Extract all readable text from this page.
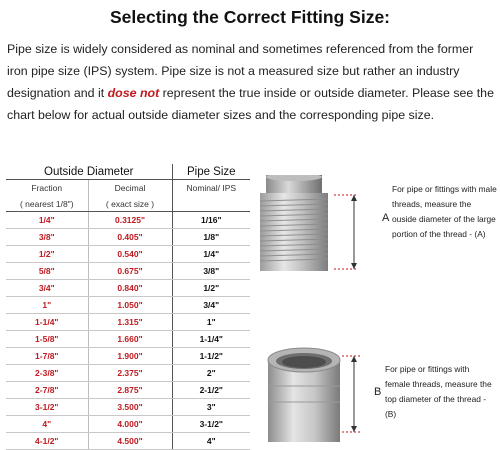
Selecting the Correct Fitting Size:
Pipe size is widely considered as nominal and sometimes referenced from the former iron pipe size (IPS) system. Pipe size is not a measured size but rather an industry designation and it dose not represent the true inside or outside diameter. Please see the chart below for actual outside diameter sizes and the corresponding pipe size.
Outside Diameter		Pipe Size
Fraction	Decimal	Nominal/ IPS
( nearest 1/8")	( exact size )	
1/4"	0.3125"	1/16"
3/8"	0.405"	1/8"
1/2"	0.540"	1/4"
5/8"	0.675"	3/8"
3/4"	0.840"	1/2"
1"	1.050"	3/4"
1-1/4"	1.315"	1"
1-5/8"	1.660"	1-1/4"
1-7/8"	1.900"	1-1/2"
2-3/8"	2.375"	2"
2-7/8"	2.875"	2-1/2"
3-1/2"	3.500"	3"
4"	4.000"	3-1/2"
4-1/2"	4.500"	4"
A
For pipe or fittings with male threads, measure the ouside diameter of the large portion of the thread - (A)
B
For pipe or fittings with female threads, measure the top diameter of the thread - (B)
